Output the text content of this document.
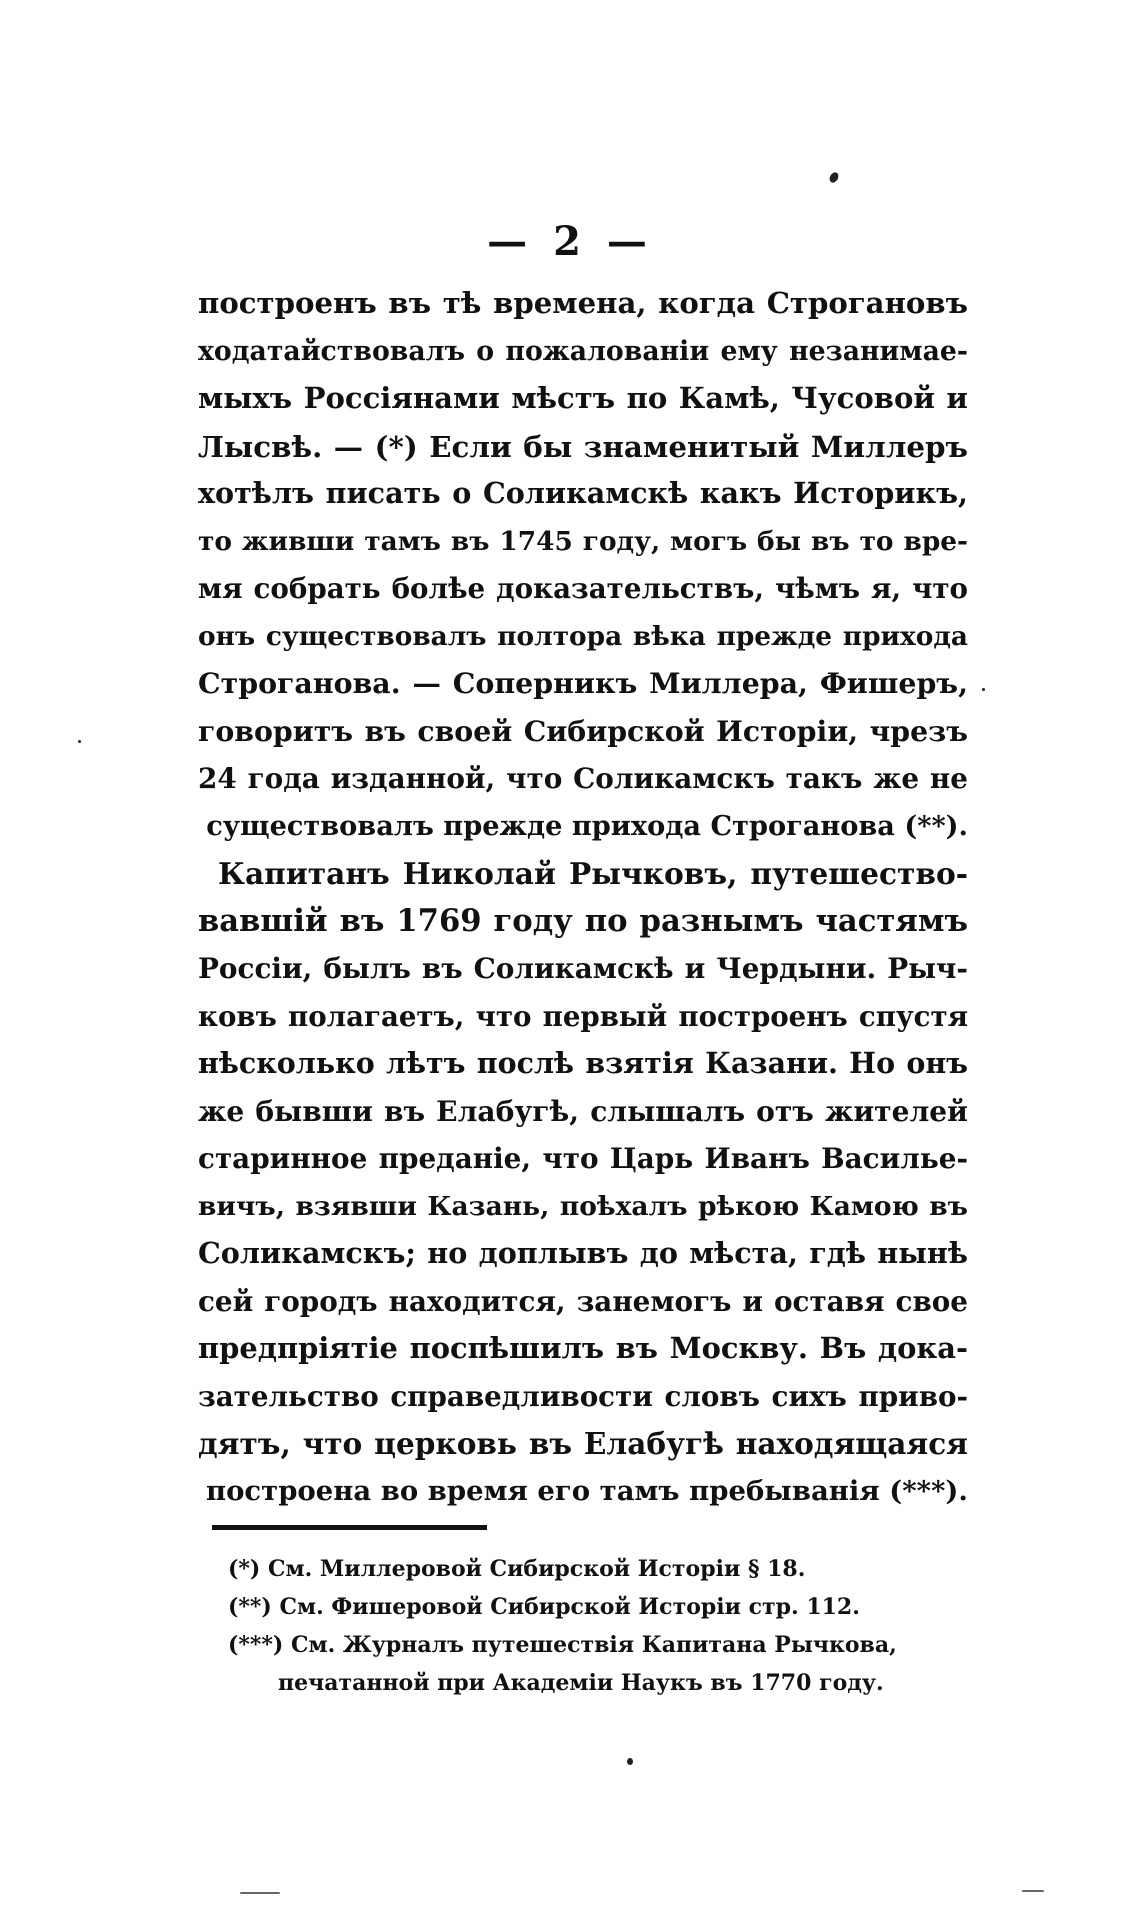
— 2 —
построенъ въ тѣ времена, когда Строгановъ
ходатайствовалъ о пожалованіи ему незанимае-
мыхъ Россіянами мѣстъ по Камѣ, Чусовой и
Лысвѣ. — (*) Если бы знаменитый Миллеръ
хотѣлъ писать о Соликамскѣ какъ Историкъ,
то живши тамъ въ 1745 году, могъ бы въ то вре-
мя собрать болѣе доказательствъ, чѣмъ я, что
онъ существовалъ полтора вѣка прежде прихода
Строганова. — Соперникъ Миллера, Фишеръ,
говоритъ въ своей Сибирской Исторіи, чрезъ
24 года изданной, что Соликамскъ такъ же не
существовалъ прежде прихода Строганова (**).
Капитанъ Николай Рычковъ, путешество-
вавшій въ 1769 году по разнымъ частямъ
Россіи, былъ въ Соликамскѣ и Чердыни. Рыч-
ковъ полагаетъ, что первый построенъ спустя
нѣсколько лѣтъ послѣ взятія Казани. Но онъ
же бывши въ Елабугѣ, слышалъ отъ жителей
старинное преданіе, что Царь Иванъ Василье-
вичъ, взявши Казань, поѣхалъ рѣкою Камою въ
Соликамскъ; но доплывъ до мѣста, гдѣ нынѣ
сей городъ находится, занемогъ и оставя свое
предпріятіе поспѣшилъ въ Москву. Въ дока-
зательство справедливости словъ сихъ приво-
дятъ, что церковь въ Елабугѣ находящаяся
построена во время его тамъ пребыванія (***).
(*) См. Миллеровой Сибирской Исторіи § 18.
(**) См. Фишеровой Сибирской Исторіи стр. 112.
(***) См. Журналъ путешествія Капитана Рычкова,
печатанной при Академіи Наукъ въ 1770 году.
